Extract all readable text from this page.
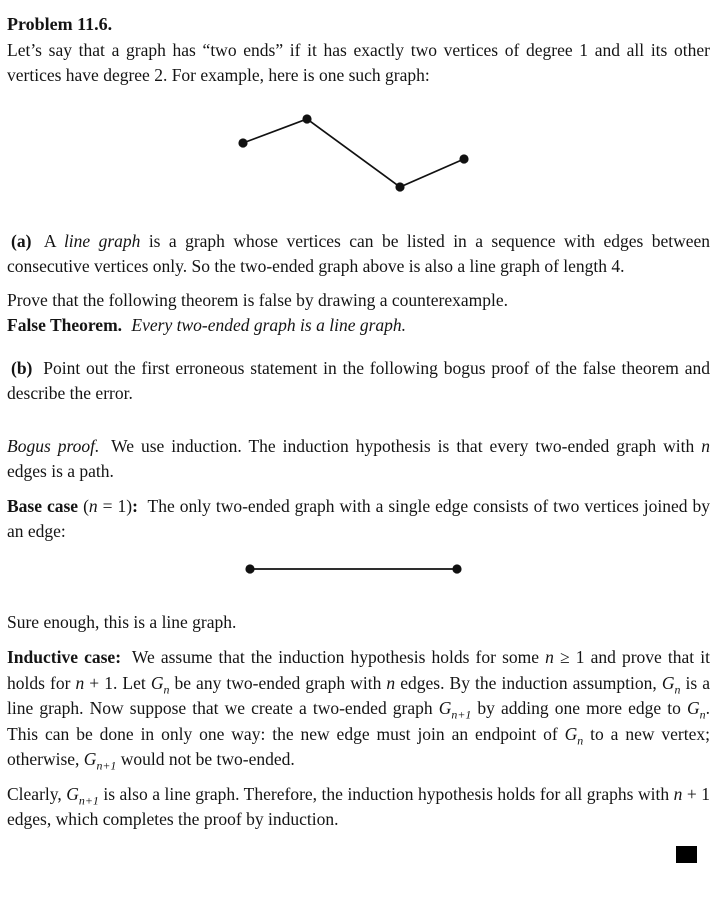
Problem 11.6.

Let’s say that a graph has “two ends” if it has exactly two vertices of degree 1 and all its other vertices have degree 2. For example, here is one such graph:

(a) A line graph is a graph whose vertices can be listed in a sequence with edges between consecutive vertices only. So the two-ended graph above is also a line graph of length 4.

Prove that the following theorem is false by drawing a counterexample.

False Theorem. Every two-ended graph is a line graph.

(b) Point out the first erroneous statement in the following bogus proof of the false theorem and describe the error.

Bogus proof. We use induction. The induction hypothesis is that every two-ended graph with n edges is a path.

Base case (n = 1): The only two-ended graph with a single edge consists of two vertices joined by an edge:

Sure enough, this is a line graph.

Inductive case: We assume that the induction hypothesis holds for some n ≥ 1 and prove that it holds for n + 1. Let $G_n$ be any two-ended graph with n edges. By the induction assumption, $G_n$ is a line graph. Now suppose that we create a two-ended graph $G_{n+1}$ by adding one more edge to $G_n$. This can be done in only one way: the new edge must join an endpoint of $G_n$ to a new vertex; otherwise, $G_{n+1}$ would not be two-ended.

Clearly, $G_{n+1}$ is also a line graph. Therefore, the induction hypothesis holds for all graphs with n + 1 edges, which completes the proof by induction.
